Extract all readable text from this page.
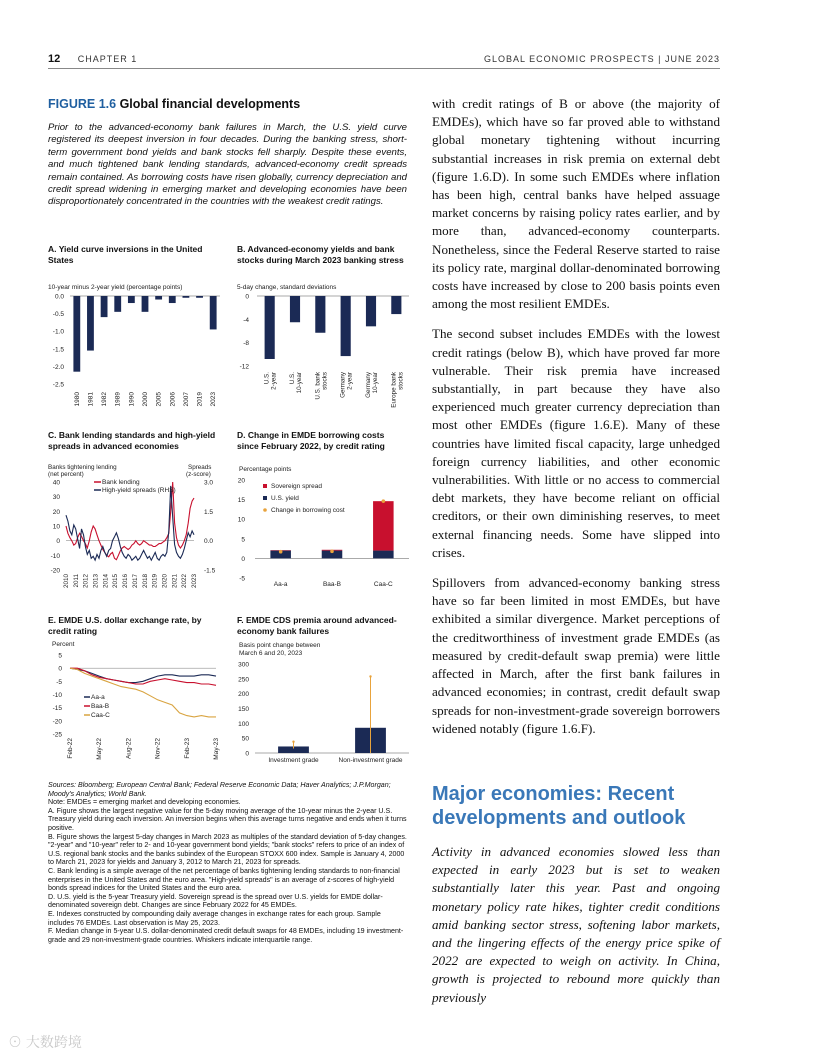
12 CHAPTER 1	GLOBAL ECONOMIC PROSPECTS | JUNE 2023
FIGURE 1.6 Global financial developments
Prior to the advanced-economy bank failures in March, the U.S. yield curve registered its deepest inversion in four decades. During the banking stress, short-term government bond yields and bank stocks fell sharply. Despite these events, and much tightened bank lending standards, advanced-economy credit spreads remain contained. As borrowing costs have risen globally, currency depreciation and credit spread widening in emerging market and developing economies have been disproportionately concentrated in the countries with the weakest credit ratings.
A. Yield curve inversions in the United States
B. Advanced-economy yields and bank stocks during March 2023 banking stress
C. Bank lending standards and high-yield spreads in advanced economies
D. Change in EMDE borrowing costs since February 2022, by credit rating
E. EMDE U.S. dollar exchange rate, by credit rating
F. EMDE CDS premia around advanced-economy bank failures
10-year minus 2-year yield (percentage points)
0.0
-0.5
-1.0
-1.5
-2.0
-2.5
1980 1981 1982 1989 1990 2000 2005 2006 2007 2019 2023
5-day change, standard deviations
0
-4
-8
-12
U.S.2-year U.S.10-year U.S. bankstocks Germany2-year Germany10-year Europe bankstocks
Banks tightening lending
(net percent)
Spreads
(z-score)
40
30
20
10
0
-10
-20
3.0
1.5
0.0
-1.5
Bank lending
High-yield spreads (RHS)
2010 2011 2012 2013 2014 2015 2016 2017 2018 2019 2020 2021 2022 2023
Percentage points
20
15
10
5
0
-5
Aa-a	Baa-B	Caa-C
Sovereign spread
U.S. yield
Change in borrowing cost
Percent
5
0
-5
-10
-15
-20
-25
Aa-a
Baa-B
Caa-C
Feb-22	May-22	Aug-22	Nov-22	Feb-23	May-23
Basis point change between
March 6 and 20, 2023
300
250
200
150
100
50
0
Investment grade	Non-investment grade

Sources: Bloomberg; European Central Bank; Federal Reserve Economic Data; Haver Analytics; J.P.Morgan; Moody's Analytics; World Bank.

Note: EMDEs = emerging market and developing economies.

A. Figure shows the largest negative value for the 5-day moving average of the 10-year minus the 2-year U.S. Treasury yield during each inversion. An inversion begins when this average turns negative and ends when it turns positive.

B. Figure shows the largest 5-day changes in March 2023 as multiples of the standard deviation of 5-day changes. "2-year" and "10-year" refer to 2- and 10-year government bond yields; "bank stocks" refers to price of an index of U.S. regional bank stocks and the banks subindex of the European STOXX 600 index. Sample is January 4, 2000 to March 21, 2023 for yields and January 3, 2012 to March 21, 2023 for spreads.

C. Bank lending is a simple average of the net percentage of banks tightening lending standards to non-financial enterprises in the United States and the euro area. "High-yield spreads" is an average of z-scores of high-yield bonds spread indices for the United States and the euro area.

D. U.S. yield is the 5-year Treasury yield. Sovereign spread is the spread over U.S. yields for EMDE dollar-denominated sovereign debt. Changes are since February 2022 for 45 EMDEs.

E. Indexes constructed by compounding daily average changes in exchange rates for each group. Sample includes 76 EMDEs. Last observation is May 25, 2023.

F. Median change in 5-year U.S. dollar-denominated credit default swaps for 48 EMDEs, including 19 investment-grade and 29 non-investment-grade countries. Whiskers indicate interquartile range.

with credit ratings of B or above (the majority of EMDEs), which have so far proved able to withstand global monetary tightening without incurring substantial increases in risk premia on external debt (figure 1.6.D). In some such EMDEs where inflation has been high, central banks have helped assuage market concerns by raising policy rates earlier, and by more than, advanced-economy counterparts. Nonetheless, since the Federal Reserve started to raise its policy rate, marginal dollar-denominated borrowing costs have increased by close to 200 basis points even among the most resilient EMDEs.

The second subset includes EMDEs with the lowest credit ratings (below B), which have proved far more vulnerable. Their risk premia have increased substantially, in part because they have also experienced much greater currency depreciation than most other EMDEs (figure 1.6.E). Many of these countries have limited fiscal capacity, large unhedged foreign currency liabilities, and other economic vulnerabilities. With little or no access to commercial debt markets, they have become reliant on official creditors, or their own diminishing reserves, to meet external financing needs. Some have slipped into crises.

Spillovers from advanced-economy banking stress have so far been limited in most EMDEs, but have exhibited a similar divergence. Market perceptions of the creditworthiness of investment grade EMDEs (as measured by credit-default swap premia) were little affected in March, after the first bank failures in advanced economies; in contrast, credit default swap spreads for non-investment-grade sovereign borrowers widened notably (figure 1.6.F).

Major economies: Recent developments and outlook
Activity in advanced economies slowed less than expected in early 2023 but is set to weaken substantially later this year. Past and ongoing monetary policy rate hikes, tighter credit conditions amid banking sector stress, softening labor markets, and the lingering effects of the energy price spike of 2022 are expected to weigh on activity. In China, growth is projected to rebound more quickly than previously
⊙ 大数跨境
